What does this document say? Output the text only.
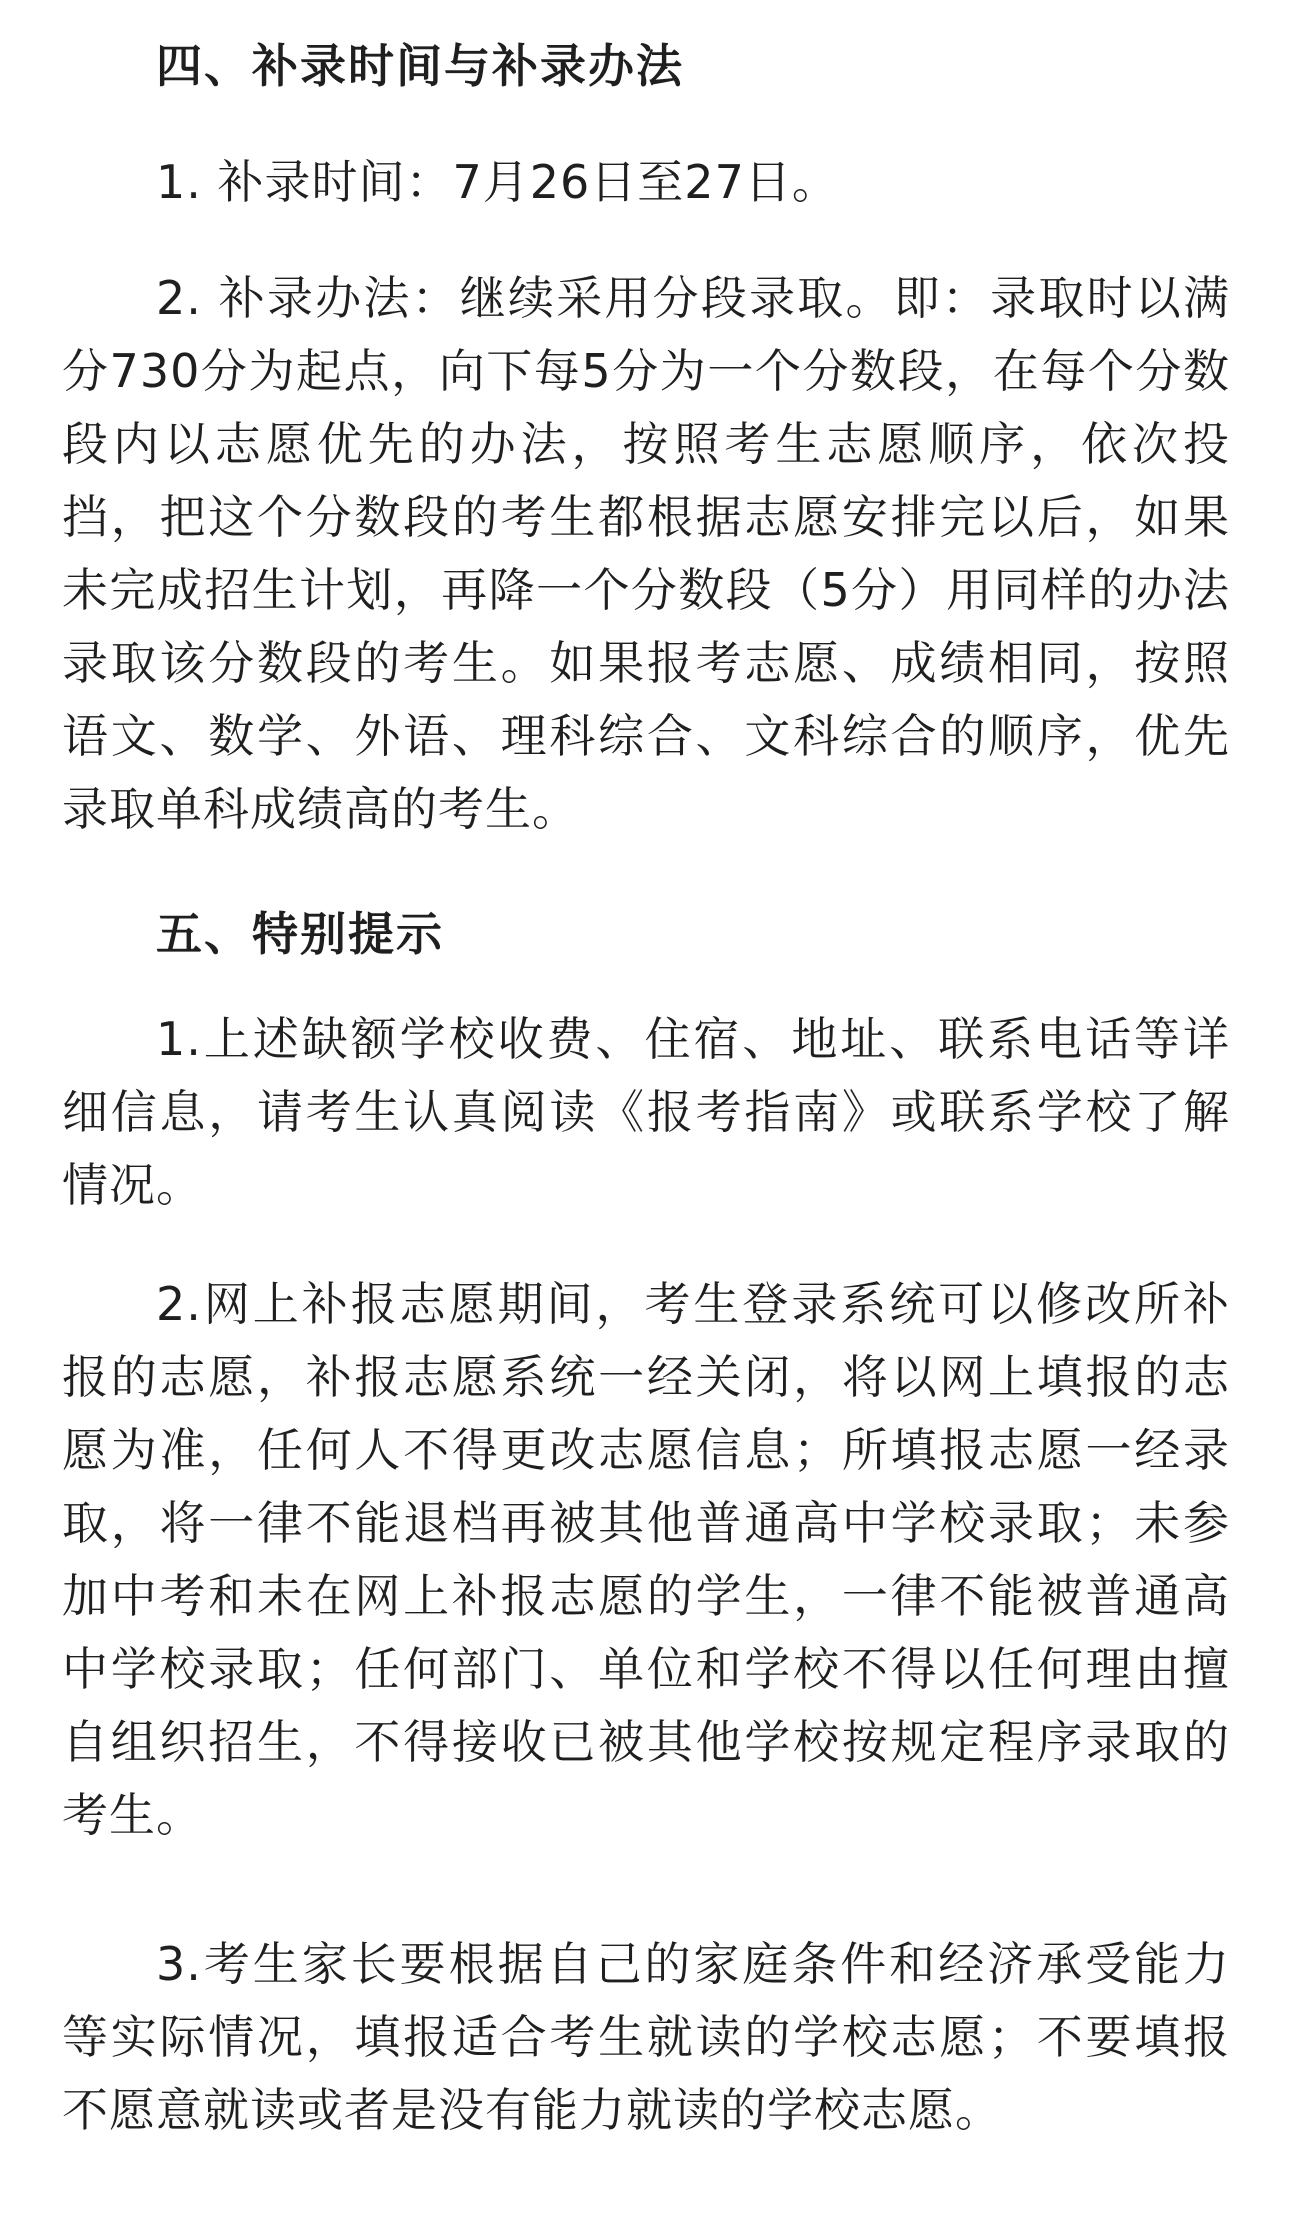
四、补录时间与补录办法

1. 补录时间：7月26日至27日。

2. 补录办法：继续采用分段录取。即：录取时以满分730分为起点，向下每5分为一个分数段，在每个分数段内以志愿优先的办法，按照考生志愿顺序，依次投挡，把这个分数段的考生都根据志愿安排完以后，如果未完成招生计划，再降一个分数段（5分）用同样的办法录取该分数段的考生。如果报考志愿、成绩相同，按照语文、数学、外语、理科综合、文科综合的顺序，优先录取单科成绩高的考生。

五、特别提示

1.上述缺额学校收费、住宿、地址、联系电话等详细信息，请考生认真阅读《报考指南》或联系学校了解情况。

2.网上补报志愿期间，考生登录系统可以修改所补报的志愿，补报志愿系统一经关闭，将以网上填报的志愿为准，任何人不得更改志愿信息；所填报志愿一经录取，将一律不能退档再被其他普通高中学校录取；未参加中考和未在网上补报志愿的学生，一律不能被普通高中学校录取；任何部门、单位和学校不得以任何理由擅自组织招生，不得接收已被其他学校按规定程序录取的考生。

3.考生家长要根据自己的家庭条件和经济承受能力等实际情况，填报适合考生就读的学校志愿；不要填报不愿意就读或者是没有能力就读的学校志愿。
